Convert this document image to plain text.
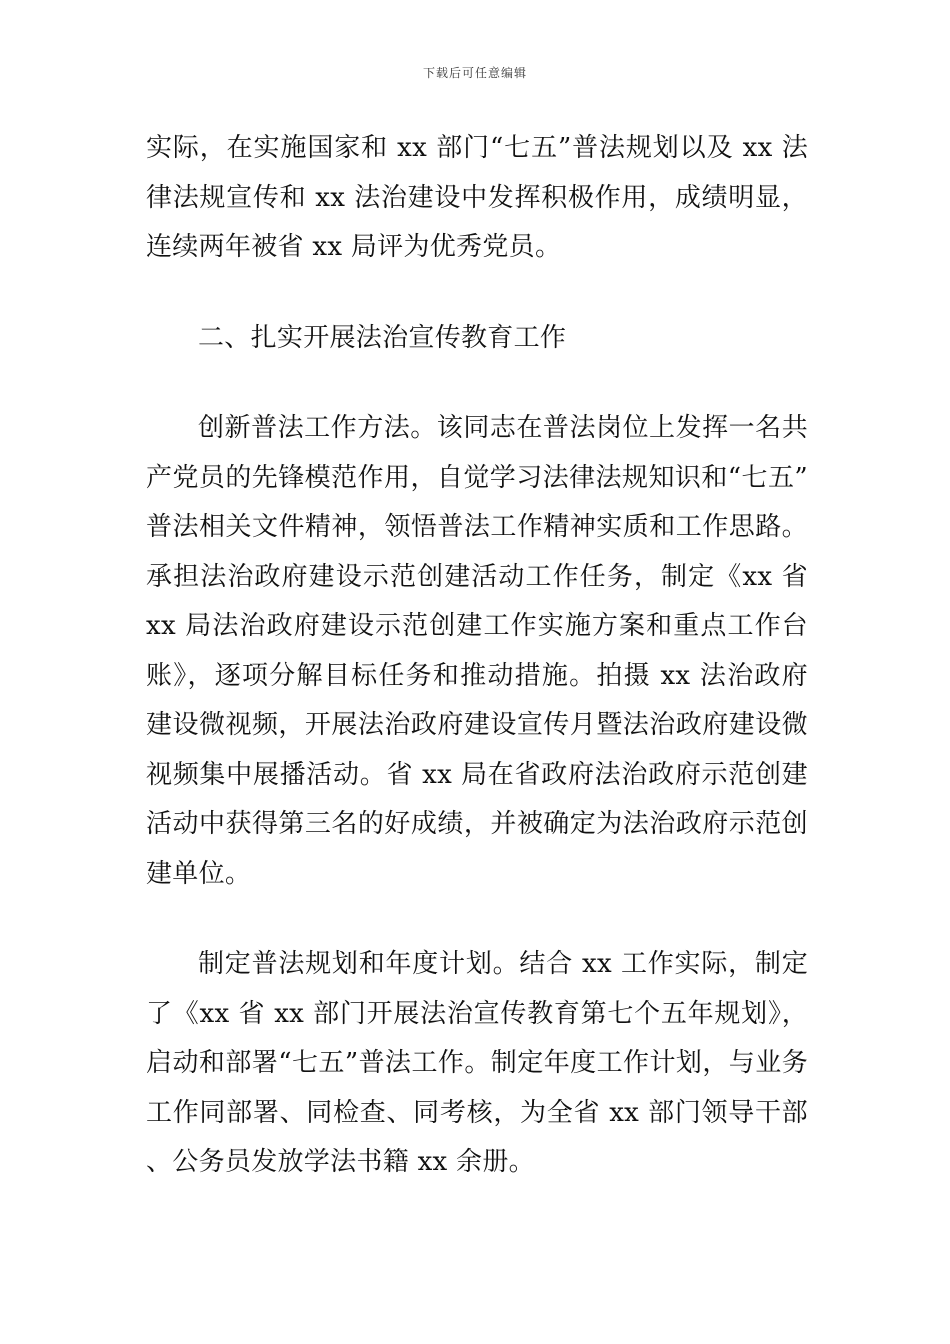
下载后可任意编辑

实际，在实施国家和 xx 部门“七五”普法规划以及 xx 法律法规宣传和 xx 法治建设中发挥积极作用，成绩明显，连续两年被省 xx 局评为优秀党员。

二、扎实开展法治宣传教育工作

创新普法工作方法。该同志在普法岗位上发挥一名共产党员的先锋模范作用，自觉学习法律法规知识和“七五”普法相关文件精神，领悟普法工作精神实质和工作思路。承担法治政府建设示范创建活动工作任务，制定《xx 省 xx 局法治政府建设示范创建工作实施方案和重点工作台账》，逐项分解目标任务和推动措施。拍摄 xx 法治政府建设微视频，开展法治政府建设宣传月暨法治政府建设微视频集中展播活动。省 xx 局在省政府法治政府示范创建活动中获得第三名的好成绩，并被确定为法治政府示范创建单位。

制定普法规划和年度计划。结合 xx 工作实际，制定了《xx 省 xx 部门开展法治宣传教育第七个五年规划》，启动和部署“七五”普法工作。制定年度工作计划，与业务工作同部署、同检查、同考核，为全省 xx 部门领导干部、公务员发放学法书籍 xx 余册。
